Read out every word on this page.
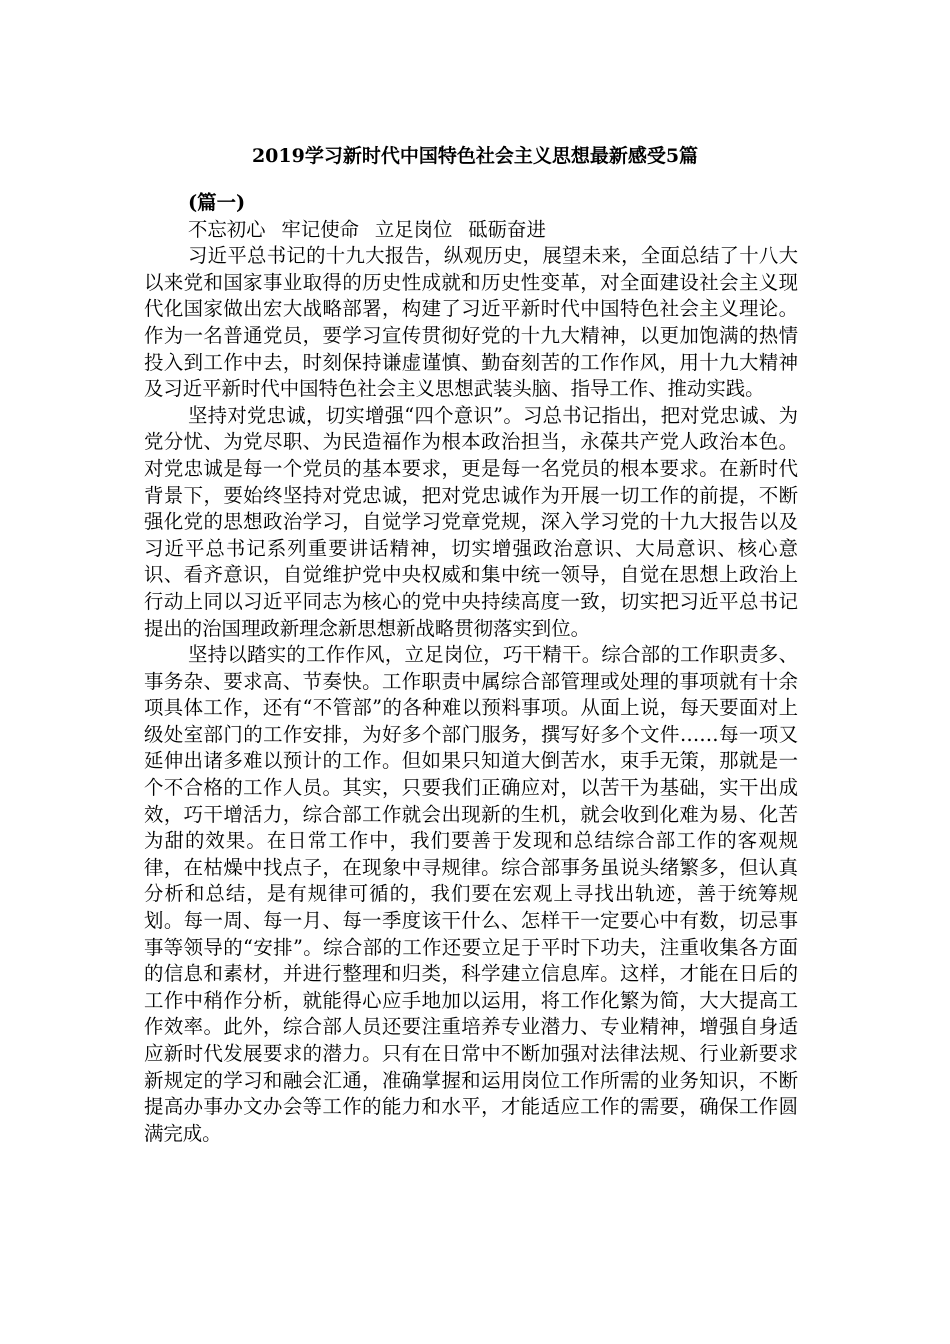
2019学习新时代中国特色社会主义思想最新感受5篇

(篇一)

不忘初心 牢记使命 立足岗位 砥砺奋进

习近平总书记的十九大报告，纵观历史，展望未来，全面总结了十八大以来党和国家事业取得的历史性成就和历史性变革，对全面建设社会主义现代化国家做出宏大战略部署，构建了习近平新时代中国特色社会主义理论。作为一名普通党员，要学习宣传贯彻好党的十九大精神，以更加饱满的热情投入到工作中去，时刻保持谦虚谨慎、勤奋刻苦的工作作风，用十九大精神及习近平新时代中国特色社会主义思想武装头脑、指导工作、推动实践。

坚持对党忠诚，切实增强“四个意识”。习总书记指出，把对党忠诚、为党分忧、为党尽职、为民造福作为根本政治担当，永葆共产党人政治本色。对党忠诚是每一个党员的基本要求，更是每一名党员的根本要求。在新时代背景下，要始终坚持对党忠诚，把对党忠诚作为开展一切工作的前提，不断强化党的思想政治学习，自觉学习党章党规，深入学习党的十九大报告以及习近平总书记系列重要讲话精神，切实增强政治意识、大局意识、核心意识、看齐意识，自觉维护党中央权威和集中统一领导，自觉在思想上政治上行动上同以习近平同志为核心的党中央持续高度一致，切实把习近平总书记提出的治国理政新理念新思想新战略贯彻落实到位。

坚持以踏实的工作作风，立足岗位，巧干精干。综合部的工作职责多、事务杂、要求高、节奏快。工作职责中属综合部管理或处理的事项就有十余项具体工作，还有“不管部”的各种难以预料事项。从面上说，每天要面对上级处室部门的工作安排，为好多个部门服务，撰写好多个文件……每一项又延伸出诸多难以预计的工作。但如果只知道大倒苦水，束手无策，那就是一个不合格的工作人员。其实，只要我们正确应对，以苦干为基础，实干出成效，巧干增活力，综合部工作就会出现新的生机，就会收到化难为易、化苦为甜的效果。在日常工作中，我们要善于发现和总结综合部工作的客观规律，在枯燥中找点子，在现象中寻规律。综合部事务虽说头绪繁多，但认真分析和总结，是有规律可循的，我们要在宏观上寻找出轨迹，善于统筹规划。每一周、每一月、每一季度该干什么、怎样干一定要心中有数，切忌事事等领导的“安排”。综合部的工作还要立足于平时下功夫，注重收集各方面的信息和素材，并进行整理和归类，科学建立信息库。这样，才能在日后的工作中稍作分析，就能得心应手地加以运用，将工作化繁为简，大大提高工作效率。此外，综合部人员还要注重培养专业潜力、专业精神，增强自身适应新时代发展要求的潜力。只有在日常中不断加强对法律法规、行业新要求新规定的学习和融会汇通，准确掌握和运用岗位工作所需的业务知识，不断提高办事办文办会等工作的能力和水平，才能适应工作的需要，确保工作圆满完成。
